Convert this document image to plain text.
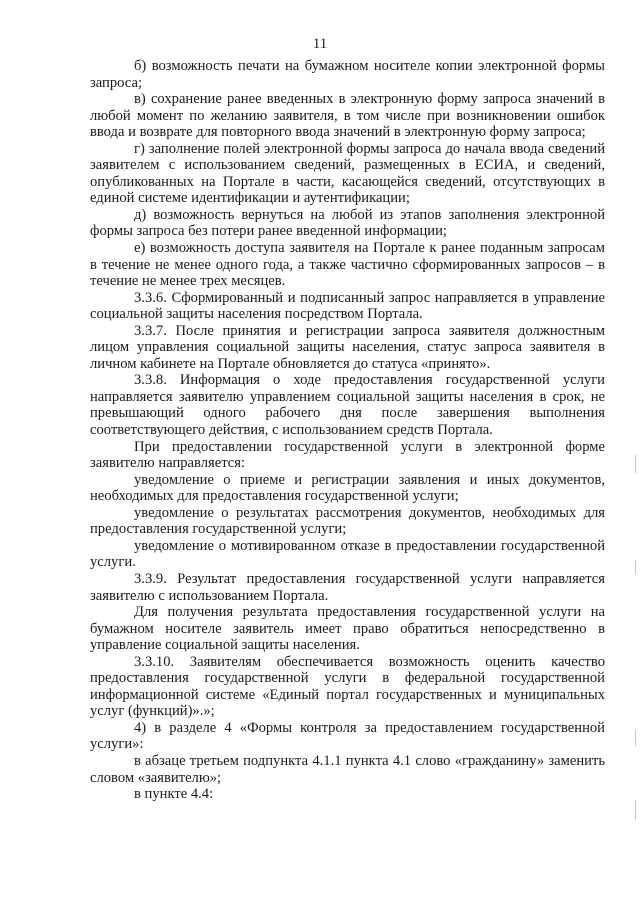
11

б) возможность печати на бумажном носителе копии электронной формы запроса;

в) сохранение ранее введенных в электронную форму запроса значений в любой момент по желанию заявителя, в том числе при возникновении ошибок ввода и возврате для повторного ввода значений в электронную форму запроса;

г) заполнение полей электронной формы запроса до начала ввода сведений заявителем с использованием сведений, размещенных в ЕСИА, и сведений, опубликованных на Портале в части, касающейся сведений, отсутствующих в единой системе идентификации и аутентификации;

д) возможность вернуться на любой из этапов заполнения электронной формы запроса без потери ранее введенной информации;

е) возможность доступа заявителя на Портале к ранее поданным запросам в течение не менее одного года, а также частично сформированных запросов – в течение не менее трех месяцев.

3.3.6. Сформированный и подписанный запрос направляется в управление социальной защиты населения посредством Портала.

3.3.7. После принятия и регистрации запроса заявителя должностным лицом управления социальной защиты населения, статус запроса заявителя в личном кабинете на Портале обновляется до статуса «принято».

3.3.8. Информация о ходе предоставления государственной услуги направляется заявителю управлением социальной защиты населения в срок, не превышающий одного рабочего дня после завершения выполнения соответствующего действия, с использованием средств Портала.

При предоставлении государственной услуги в электронной форме заявителю направляется:

уведомление о приеме и регистрации заявления и иных документов, необходимых для предоставления государственной услуги;

уведомление о результатах рассмотрения документов, необходимых для предоставления государственной услуги;

уведомление о мотивированном отказе в предоставлении государственной услуги.

3.3.9. Результат предоставления государственной услуги направляется заявителю с использованием Портала.

Для получения результата предоставления государственной услуги на бумажном носителе заявитель имеет право обратиться непосредственно в управление социальной защиты населения.

3.3.10. Заявителям обеспечивается возможность оценить качество предоставления государственной услуги в федеральной государственной информационной системе «Единый портал государственных и муниципальных услуг (функций)».»;

4) в разделе 4 «Формы контроля за предоставлением государственной услуги»:

в абзаце третьем подпункта 4.1.1 пункта 4.1 слово «гражданину» заменить словом «заявителю»;

в пункте 4.4:
